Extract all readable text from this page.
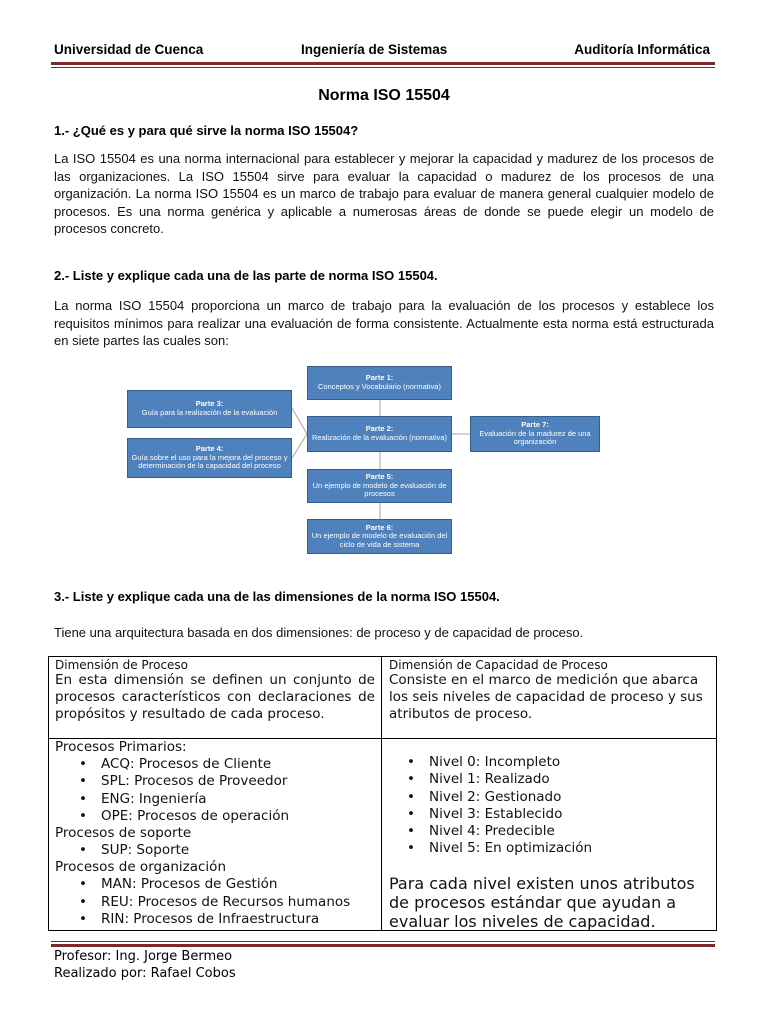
Universidad de Cuenca	Ingeniería de Sistemas	Auditoría Informática
Norma ISO 15504
1.- ¿Qué es y para qué sirve la norma ISO 15504?
La ISO 15504 es una norma internacional para establecer y mejorar la capacidad y madurez de los procesos de las organizaciones. La ISO 15504 sirve para evaluar la capacidad o madurez de los procesos de una organización. La norma ISO 15504 es un marco de trabajo para evaluar de manera general cualquier modelo de procesos. Es una norma genérica y aplicable a numerosas áreas de donde se puede elegir un modelo de procesos concreto.
2.- Liste y explique cada una de las parte de norma ISO 15504.
La norma ISO 15504 proporciona un marco de trabajo para la evaluación de los procesos y establece los requisitos mínimos para realizar una evaluación de forma consistente. Actualmente esta norma está estructurada en siete partes las cuales son:
Parte 1:
Conceptos y Vocabulario (normativa)
Parte 2:
Realización de la evaluación (normativa)
Parte 3:
Guía para la realización de la evaluación
Parte 4:
Guía sobre el uso para la mejora del proceso y determinación de la capacidad del proceso
Parte 5:
Un ejemplo de modelo de evaluación de procesos
Parte 6:
Un ejemplo de modelo de evaluación del ciclo de vida de sistema
Parte 7:
Evaluación de la madurez de una organización
3.- Liste y explique cada una de las dimensiones de la norma ISO 15504.
Tiene una arquitectura basada en dos dimensiones: de proceso y de capacidad de proceso.
Dimensión de Proceso
En esta dimensión se definen un conjunto de procesos característicos con declaraciones de propósitos y resultado de cada proceso.
Dimensión de Capacidad de Proceso
Consiste en el marco de medición que abarca los seis niveles de capacidad de proceso y sus atributos de proceso.
Procesos Primarios:
• ACQ: Procesos de Cliente
• SPL: Procesos de Proveedor
• ENG: Ingeniería
• OPE: Procesos de operación
Procesos de soporte
• SUP: Soporte
Procesos de organización
• MAN: Procesos de Gestión
• REU: Procesos de Recursos humanos
• RIN: Procesos de Infraestructura
• Nivel 0: Incompleto
• Nivel 1: Realizado
• Nivel 2: Gestionado
• Nivel 3: Establecido
• Nivel 4: Predecible
• Nivel 5: En optimización
Para cada nivel existen unos atributos de procesos estándar que ayudan a evaluar los niveles de capacidad.
Profesor: Ing. Jorge Bermeo
Realizado por: Rafael Cobos
